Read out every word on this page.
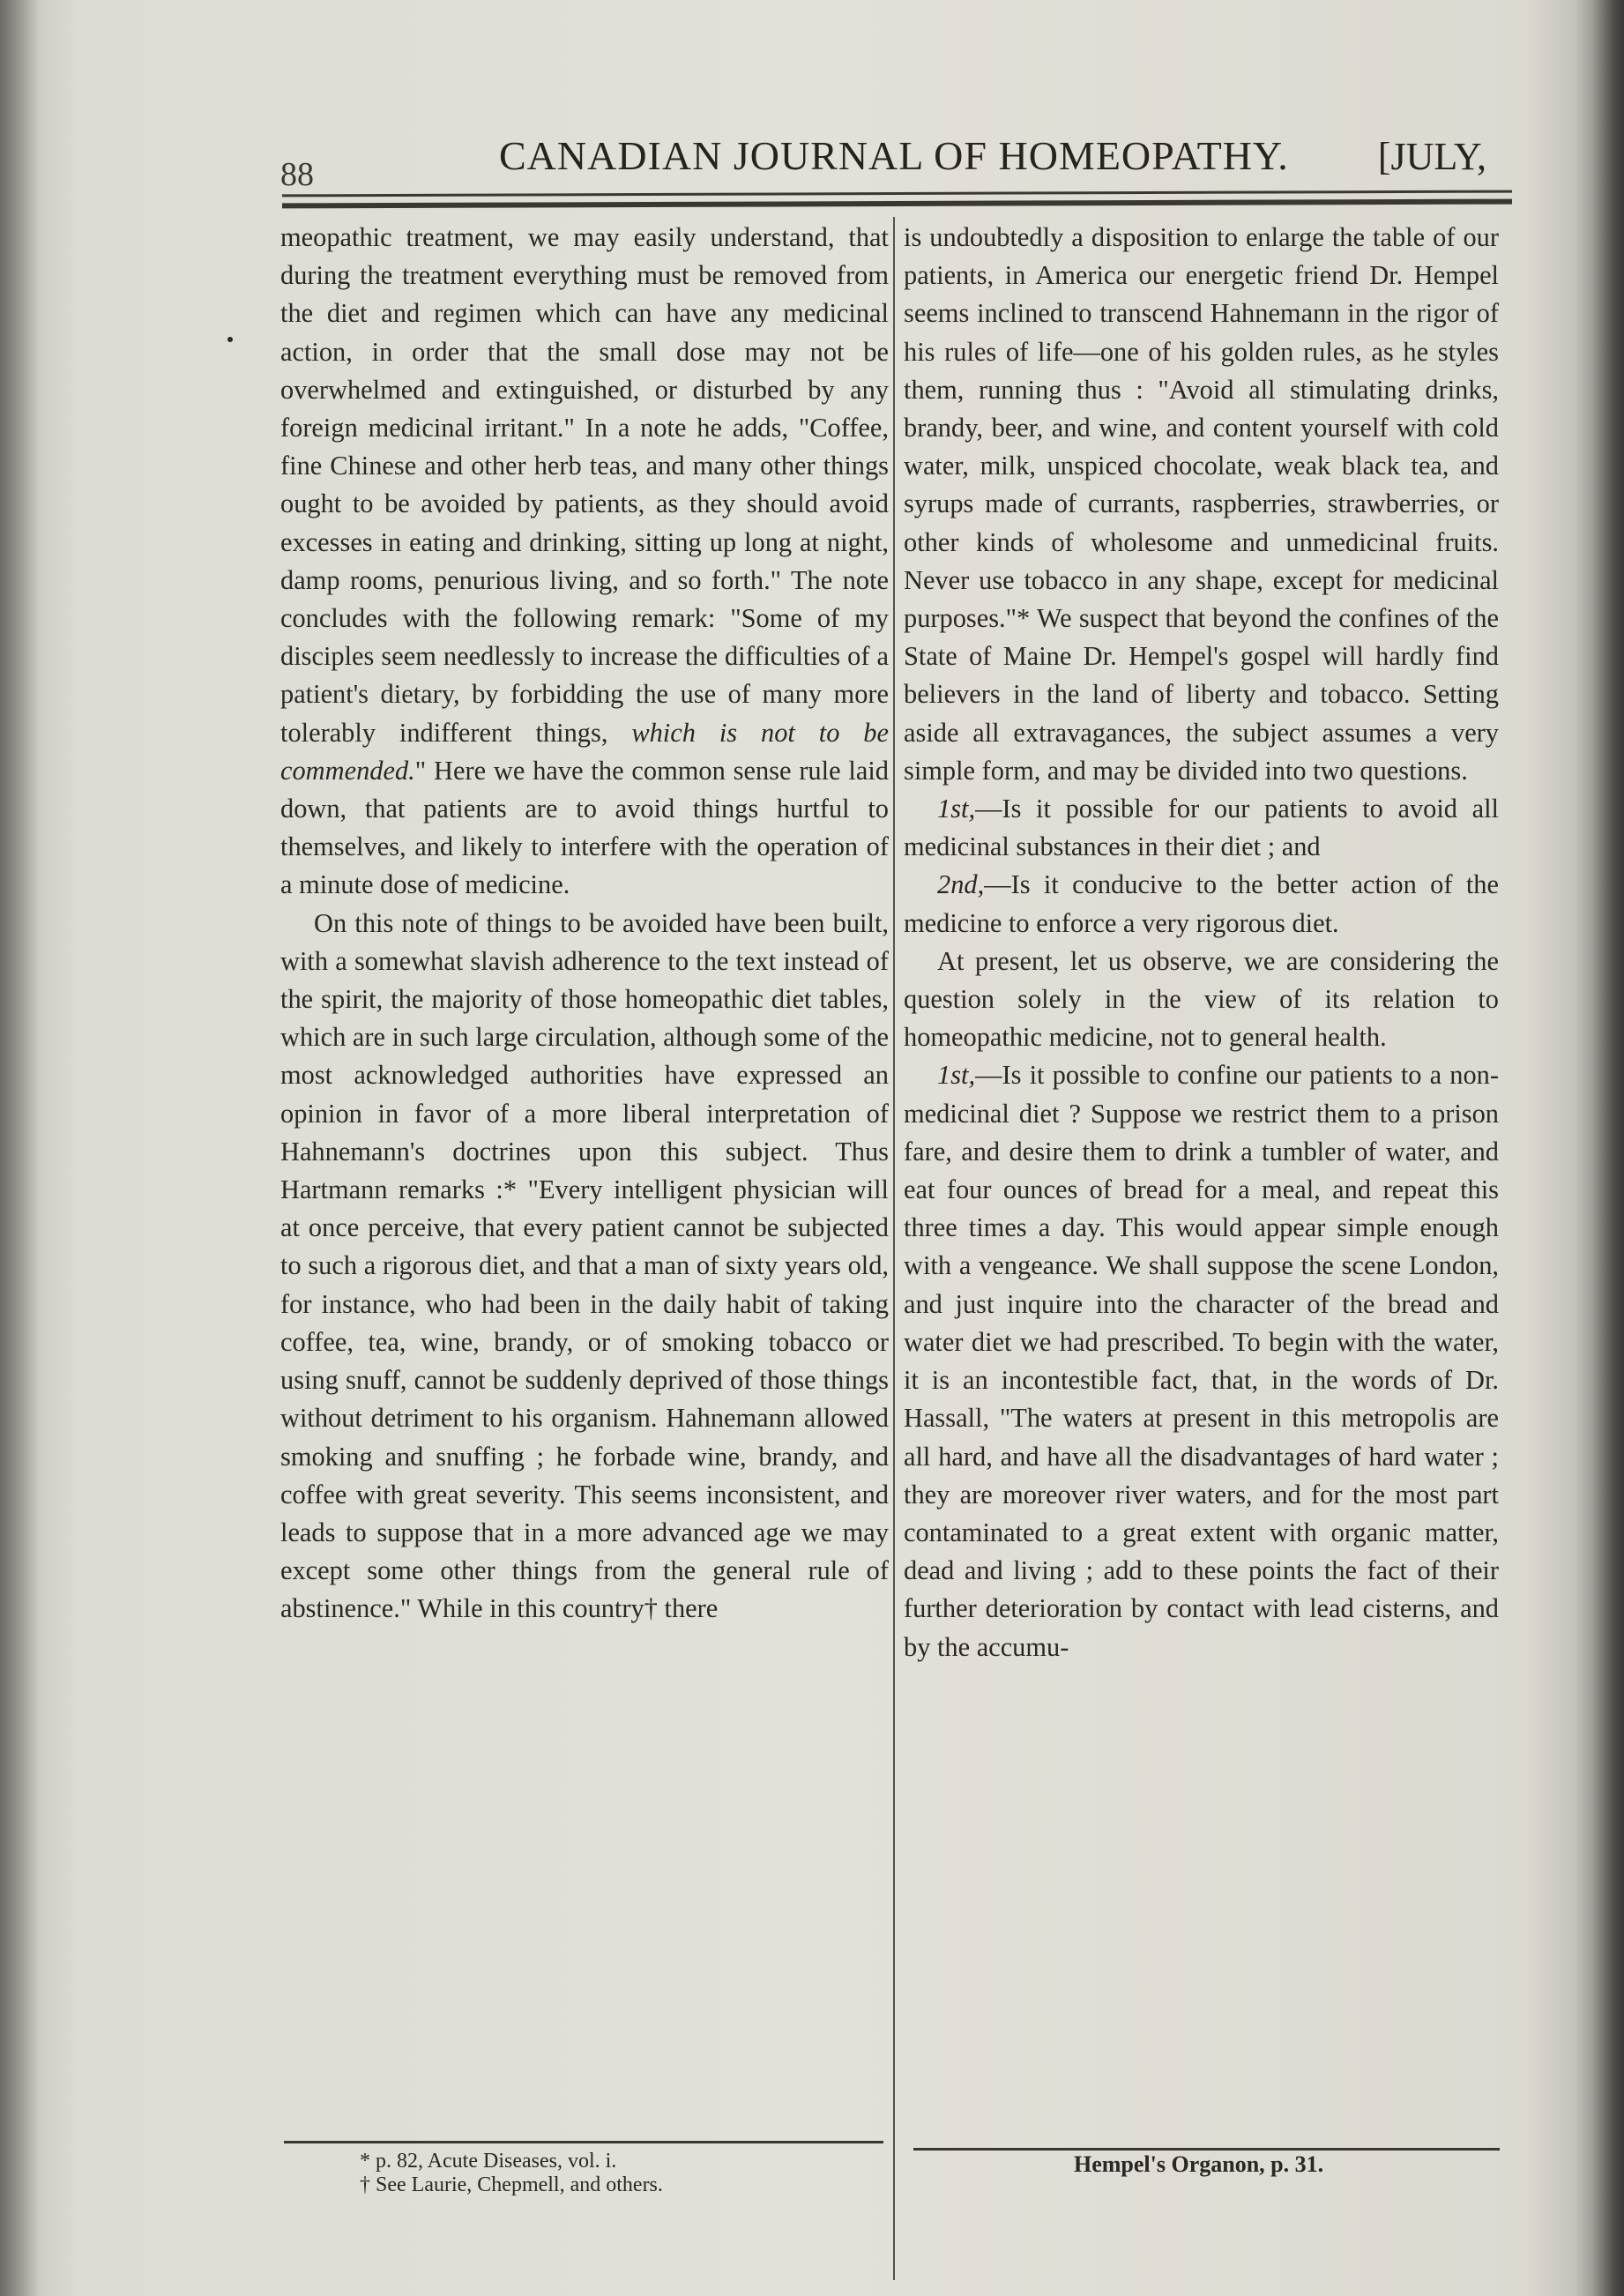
88	CANADIAN JOURNAL OF HOMEOPATHY. [JULY,

meopathic treatment, we may easily understand, that during the treatment everything must be removed from the diet and regimen which can have any medicinal action, in order that the small dose may not be overwhelmed and extinguished, or disturbed by any foreign medicinal irritant." In a note he adds, "Coffee, fine Chinese and other herb teas, and many other things ought to be avoided by patients, as they should avoid excesses in eating and drinking, sitting up long at night, damp rooms, penurious living, and so forth." The note concludes with the following remark: "Some of my disciples seem needlessly to increase the difficulties of a patient's dietary, by forbidding the use of many more tolerably indifferent things, which is not to be commended." Here we have the common sense rule laid down, that patients are to avoid things hurtful to themselves, and likely to interfere with the operation of a minute dose of medicine.

On this note of things to be avoided have been built, with a somewhat slavish adherence to the text instead of the spirit, the majority of those homeopathic diet tables, which are in such large circulation, although some of the most acknowledged authorities have expressed an opinion in favor of a more liberal interpretation of Hahnemann's doctrines upon this subject. Thus Hartmann remarks :* "Every intelligent physician will at once perceive, that every patient cannot be subjected to such a rigorous diet, and that a man of sixty years old, for instance, who had been in the daily habit of taking coffee, tea, wine, brandy, or of smoking tobacco or using snuff, cannot be suddenly deprived of those things without detriment to his organism. Hahnemann allowed smoking and snuffing ; he forbade wine, brandy, and coffee with great severity. This seems inconsistent, and leads to suppose that in a more advanced age we may except some other things from the general rule of abstinence." While in this country† there

is undoubtedly a disposition to enlarge the table of our patients, in America our energetic friend Dr. Hempel seems inclined to transcend Hahnemann in the rigor of his rules of life—one of his golden rules, as he styles them, running thus : "Avoid all stimulating drinks, brandy, beer, and wine, and content yourself with cold water, milk, unspiced chocolate, weak black tea, and syrups made of currants, raspberries, strawberries, or other kinds of wholesome and unmedicinal fruits. Never use tobacco in any shape, except for medicinal purposes."* We suspect that beyond the confines of the State of Maine Dr. Hempel's gospel will hardly find believers in the land of liberty and tobacco. Setting aside all extravagances, the subject assumes a very simple form, and may be divided into two questions.

1st,—Is it possible for our patients to avoid all medicinal substances in their diet ; and

2nd,—Is it conducive to the better action of the medicine to enforce a very rigorous diet.

At present, let us observe, we are considering the question solely in the view of its relation to homeopathic medicine, not to general health.

1st,—Is it possible to confine our patients to a non-medicinal diet ? Suppose we restrict them to a prison fare, and desire them to drink a tumbler of water, and eat four ounces of bread for a meal, and repeat this three times a day. This would appear simple enough with a vengeance. We shall suppose the scene London, and just inquire into the character of the bread and water diet we had prescribed. To begin with the water, it is an incontestible fact, that, in the words of Dr. Hassall, "The waters at present in this metropolis are all hard, and have all the disadvantages of hard water ; they are moreover river waters, and for the most part contaminated to a great extent with organic matter, dead and living ; add to these points the fact of their further deterioration by contact with lead cisterns, and by the accumu-

* p. 82, Acute Diseases, vol. i.
† See Laurie, Chepmell, and others.
Hempel's Organon, p. 31.
